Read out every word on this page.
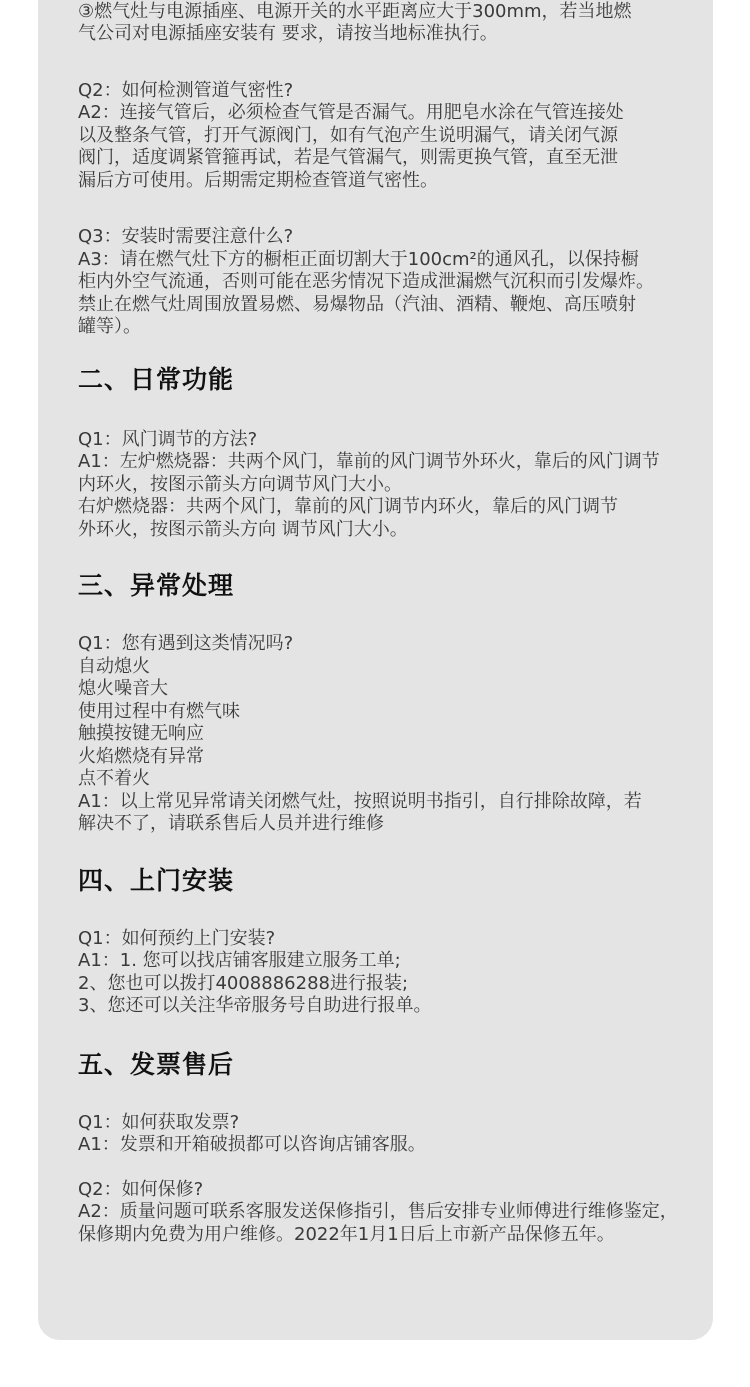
③燃气灶与电源插座、电源开关的水平距离应大于300mm，若当地燃
气公司对电源插座安装有 要求，请按当地标准执行。
Q2：如何检测管道气密性?
A2：连接气管后，必须检查气管是否漏气。用肥皂水涂在气管连接处
以及整条气管，打开气源阀门，如有气泡产生说明漏气，请关闭气源
阀门，适度调紧管箍再试，若是气管漏气，则需更换气管，直至无泄
漏后方可使用。后期需定期检查管道气密性。
Q3：安装时需要注意什么?
A3：请在燃气灶下方的橱柜正面切割大于100cm²的通风孔，以保持橱
柜内外空气流通，否则可能在恶劣情况下造成泄漏燃气沉积而引发爆炸。
禁止在燃气灶周围放置易燃、易爆物品（汽油、酒精、鞭炮、高压喷射
罐等）。
二、日常功能
Q1：风门调节的方法?
A1：左炉燃烧器：共两个风门，靠前的风门调节外环火，靠后的风门调节
内环火，按图示箭头方向调节风门大小。
右炉燃烧器：共两个风门，靠前的风门调节内环火，靠后的风门调节
外环火，按图示箭头方向 调节风门大小。
三、异常处理
Q1：您有遇到这类情况吗?
自动熄火
熄火噪音大
使用过程中有燃气味
触摸按键无响应
火焰燃烧有异常
点不着火
A1：以上常见异常请关闭燃气灶，按照说明书指引，自行排除故障，若
解决不了，请联系售后人员并进行维修
四、上门安装
Q1：如何预约上门安装?
A1：1. 您可以找店铺客服建立服务工单;
2、您也可以拨打4008886288进行报装;
3、您还可以关注华帝服务号自助进行报单。
五、发票售后
Q1：如何获取发票?
A1：发票和开箱破损都可以咨询店铺客服。
Q2：如何保修?
A2：质量问题可联系客服发送保修指引，售后安排专业师傅进行维修鉴定，
保修期内免费为用户维修。2022年1月1日后上市新产品保修五年。
